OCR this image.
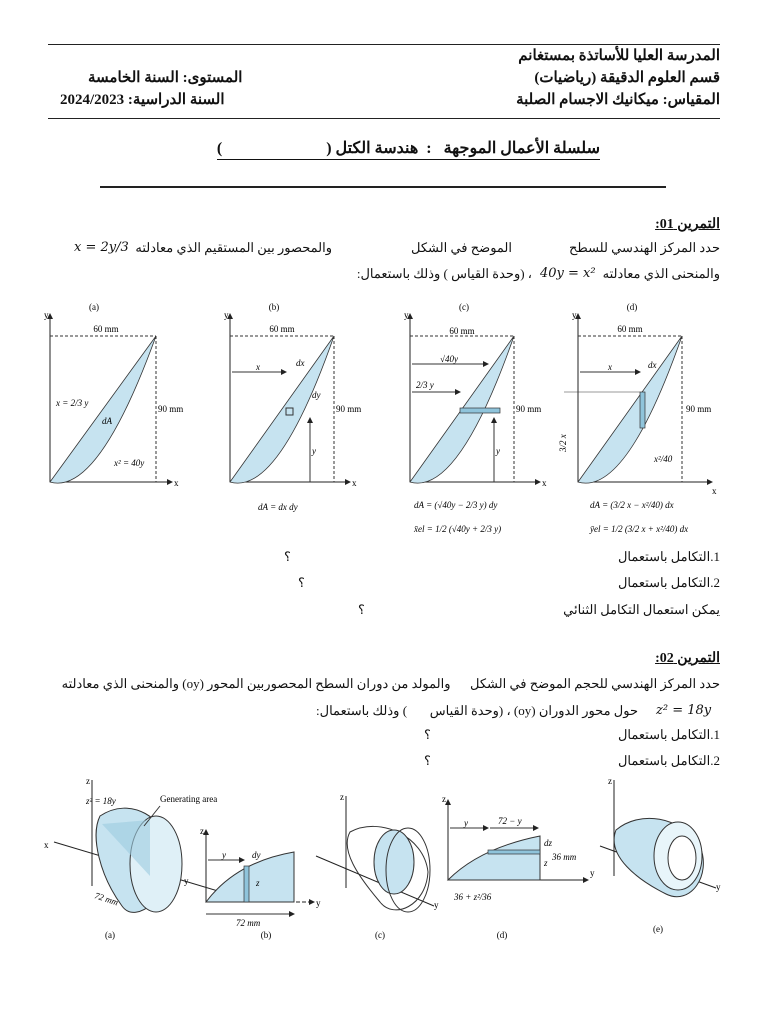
المدرسة العليا للأساتذة بمستغانم
قسم العلوم الدقيقة (رياضيات)
المقياس: ميكانيك الاجسام الصلبة
المستوى: السنة الخامسة
السنة الدراسية: 2024/2023
سلسلة الأعمال الموجهة   :  هندسة الكتل (                          )
التمرين 01:
حدد المركز الهندسي للسطح
الموضح في الشكل
والمحصور بين المستقيم الذي معادلته
x = 2y/3
والمنحنى الذي معادلته
40y = x²
، (وحدة القياس ) وذلك باستعمال:
(a)
y
x
60 mm
90 mm
x = 2/3 y
x² = 40y
dA
(b)
y
x
60 mm
90 mm
x
y
dx
dy
dA = dx dy
(c)
y
x
60 mm
90 mm
√40y
2/3 y
y
dA = (√40y − 2/3 y) dy
x̄el = 1/2 (√40y + 2/3 y)
(d)
y
x
60 mm
90 mm
x	dx
3/2 x
x²/40
dA = (3/2 x − x²/40) dx
ȳel = 1/2 (3/2 x + x²/40) dx
1.التكامل باستعمال
؟
2.التكامل باستعمال
؟
يمكن استعمال التكامل الثنائي
؟
التمرين 02:
حدد المركز الهندسي للحجم الموضح في الشكل      والمولد من دوران السطح المحصوربين المحور (oy) والمنحنى الذي معادلته
حول محور الدوران (oy) ، (وحدة القياس       ) وذلك باستعمال: z² = 18y
1.التكامل باستعمال
؟
2.التكامل باستعمال
؟
z
x
y
z² = 18y	Generating area
72 mm
(a)
z
y
y	dy
z
72 mm
(b)
z
y
(c)
z
y
y	72 − y
dz
z
36 mm
36 + z²/36
(d)
z
y
(e)
